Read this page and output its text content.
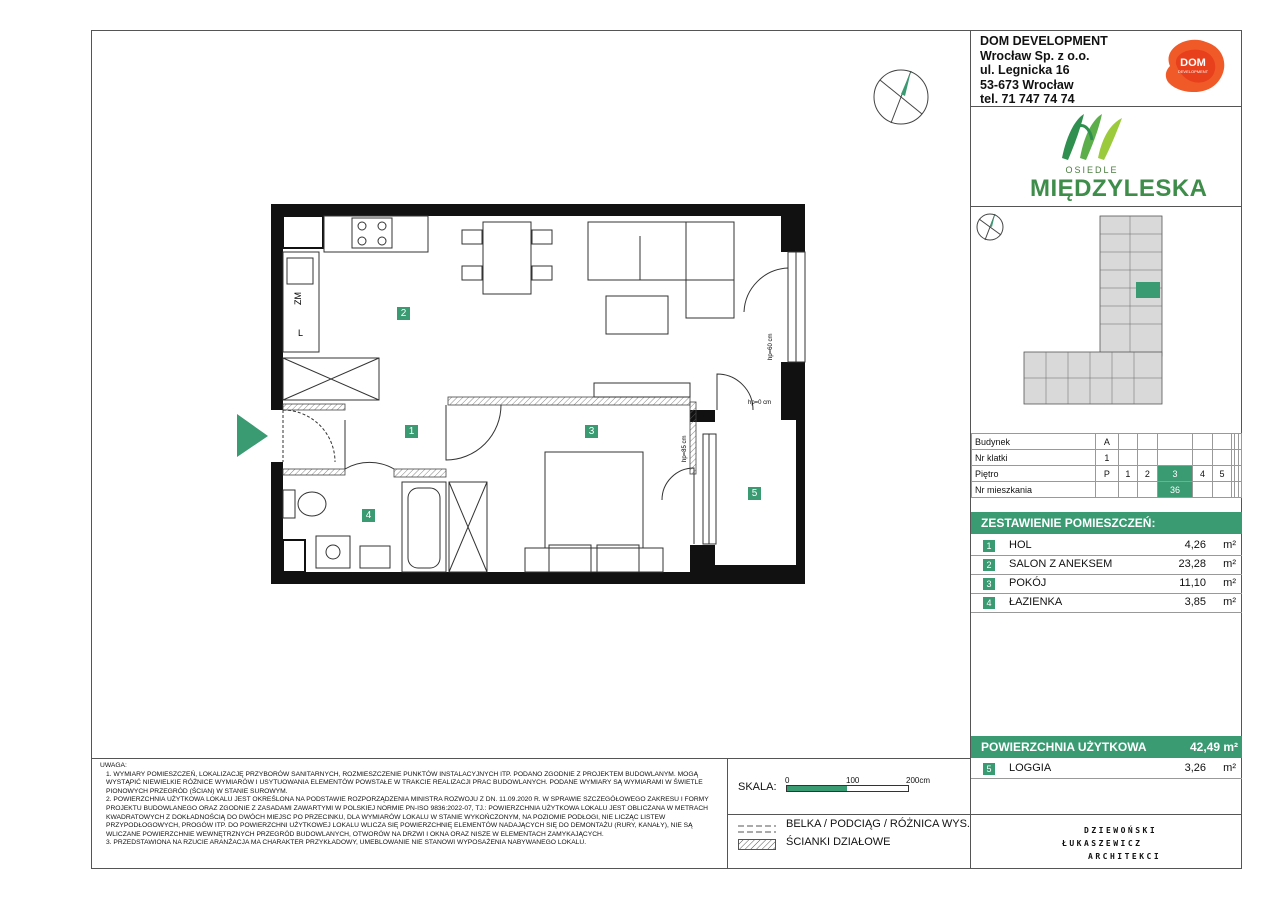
DOM DEVELOPMENT
Wrocław Sp. z o.o.
ul. Legnicka 16
53-673 Wrocław
tel. 71 747 74 74
DOM
DEVELOPMENT
OSIEDLE
MIĘDZYLESKA
Budynek	A								
Nr klatki	1								
Piętro	P	1	2	3	4	5			
Nr mieszkania				36					
ZESTAWIENIE POMIESZCZEŃ:
1	HOL	4,26 m²
2	SALON Z ANEKSEM	23,28 m²
3	POKÓJ	11,10 m²
4	ŁAZIENKA	3,85 m²
POWIERZCHNIA UŻYTKOWA	42,49 m²
5	LOGGIA	3,26 m²
DZIEWOŃSKI
ŁUKASZEWICZ
ARCHITEKCI

UWAGA:

1. WYMIARY POMIESZCZEŃ, LOKALIZACJĘ PRZYBORÓW SANITARNYCH, ROZMIESZCZENIE PUNKTÓW INSTALACYJNYCH ITP. PODANO ZGODNIE Z PROJEKTEM BUDOWLANYM. MOGĄ WYSTĄPIĆ NIEWIELKIE RÓŻNICE WYMIARÓW I USYTUOWANIA ELEMENTÓW POWSTAŁE W TRAKCIE REALIZACJI PRAC BUDOWLANYCH. PODANE WYMIARY SĄ WYMIARAMI W ŚWIETLE PIONOWYCH PRZEGRÓD (ŚCIAN) W STANIE SUROWYM.

2. POWIERZCHNIA UŻYTKOWA LOKALU JEST OKREŚLONA NA PODSTAWIE ROZPORZĄDZENIA MINISTRA ROZWOJU Z DN. 11.09.2020 R. W SPRAWIE SZCZEGÓŁOWEGO ZAKRESU I FORMY PROJEKTU BUDOWLANEGO ORAZ ZGODNIE Z ZASADAMI ZAWARTYMI W POLSKIEJ NORMIE PN-ISO 9836:2022-07, TJ.: POWIERZCHNIA UŻYTKOWA LOKALU JEST OBLICZANA W METRACH KWADRATOWYCH Z DOKŁADNOŚCIĄ DO DWÓCH MIEJSC PO PRZECINKU, DLA WYMIARÓW LOKALU W STANIE WYKOŃCZONYM, NA POZIOMIE PODŁOGI, NIE LICZĄC LISTEW PRZYPODŁOGOWYCH, PROGÓW ITP. DO POWIERZCHNI UŻYTKOWEJ LOKALU WLICZA SIĘ POWIERZCHNIĘ ELEMENTÓW NADAJĄCYCH SIĘ DO DEMONTAŻU (RURY, KANAŁY), NIE SĄ WLICZANE POWIERZCHNIE WEWNĘTRZNYCH PRZEGRÓD BUDOWLANYCH, OTWORÓW NA DRZWI I OKNA ORAZ NISZE W ELEMENTACH ZAMYKAJĄCYCH.

3. PRZEDSTAWIONA NA RZUCIE ARANŻACJA MA CHARAKTER PRZYKŁADOWY, UMEBLOWANIE NIE STANOWI WYPOSAŻENIA NABYWANEGO LOKALU.

SKALA:
0	100	200cm
BELKA / PODCIĄG / RÓŻNICA WYS.
ŚCIANKI DZIAŁOWE
ZM
L
hp=0 cm
hp=60 cm
hp=85 cm
2
1	3
4
5
